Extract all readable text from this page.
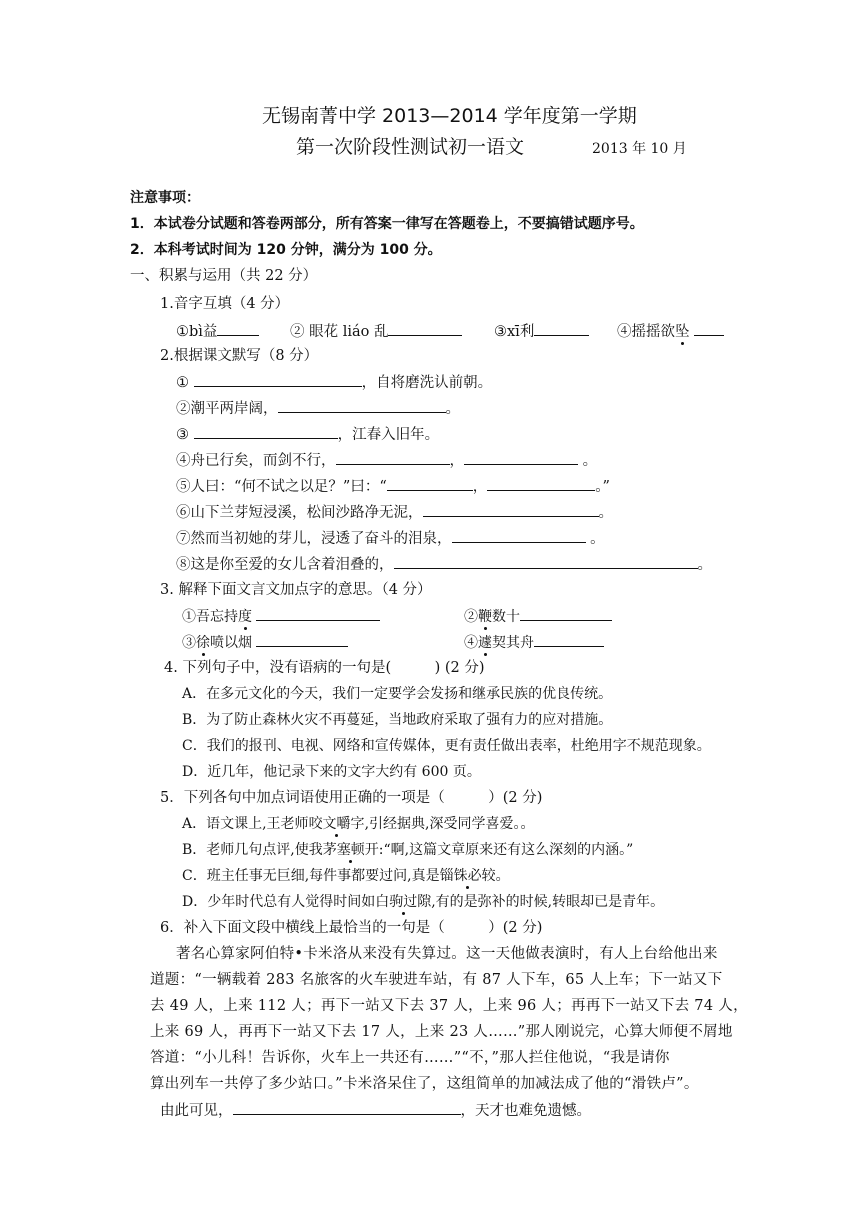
无锡南菁中学 2013—2014 学年度第一学期
第一次阶段性测试初一语文	2013 年 10 月
注意事项：
1．本试卷分试题和答卷两部分，所有答案一律写在答题卷上，不要搞错试题序号。
2．本科考试时间为 120 分钟，满分为 100 分。
一、积累与运用（共 22 分）
1.音字互填（4 分）
①bì益	② 眼花 liáo 乱	③xī利	④摇摇欲坠
2.根据课文默写（8 分）
①	，自将磨洗认前朝。
②潮平两岸阔，	。
③	，江春入旧年。
④舟已行矣，而剑不行，	，	。
⑤人曰：“何不试之以足？”曰：“	，	。”
⑥山下兰芽短浸溪，松间沙路净无泥，	。
⑦然而当初她的芽儿，浸透了奋斗的泪泉，	。
⑧这是你至爱的女儿含着泪叠的，	。
3. 解释下面文言文加点字的意思。（4 分）
①吾忘持度	②鞭数十
③徐喷以烟	④遽契其舟
4. 下列句子中，没有语病的一句是(　　　) (2 分)
A．在多元文化的今天，我们一定要学会发扬和继承民族的优良传统。
B．为了防止森林火灾不再蔓延，当地政府采取了强有力的应对措施。
C．我们的报刊、电视、网络和宣传媒体，更有责任做出表率，杜绝用字不规范现象。
D．近几年，他记录下来的文字大约有 600 页。
5．下列各句中加点词语使用正确的一项是（　　　）(2 分)
A．语文课上,王老师咬文嚼字,引经据典,深受同学喜爱。。
B．老师几句点评,使我茅塞顿开:“啊,这篇文章原来还有这么深刻的内涵。”
C．班主任事无巨细,每件事都要过问,真是锱铢必较。
D．少年时代总有人觉得时间如白驹过隙,有的是弥补的时候,转眼却已是青年。
6．补入下面文段中横线上最恰当的一句是（　　　）(2 分)
著名心算家阿伯特•卡米洛从来没有失算过。这一天他做表演时，有人上台给他出来
道题：“一辆载着 283 名旅客的火车驶进车站，有 87 人下车，65 人上车；下一站又下
去 49 人，上来 112 人；再下一站又下去 37 人，上来 96 人；再再下一站又下去 74 人，
上来 69 人，再再下一站又下去 17 人，上来 23 人……”那人刚说完，心算大师便不屑地
答道：“小儿科！告诉你，火车上一共还有……”“不，”那人拦住他说，“我是请你
算出列车一共停了多少站口。”卡米洛呆住了，这组简单的加减法成了他的“滑铁卢”。
由此可见，	，天才也难免遗憾。
